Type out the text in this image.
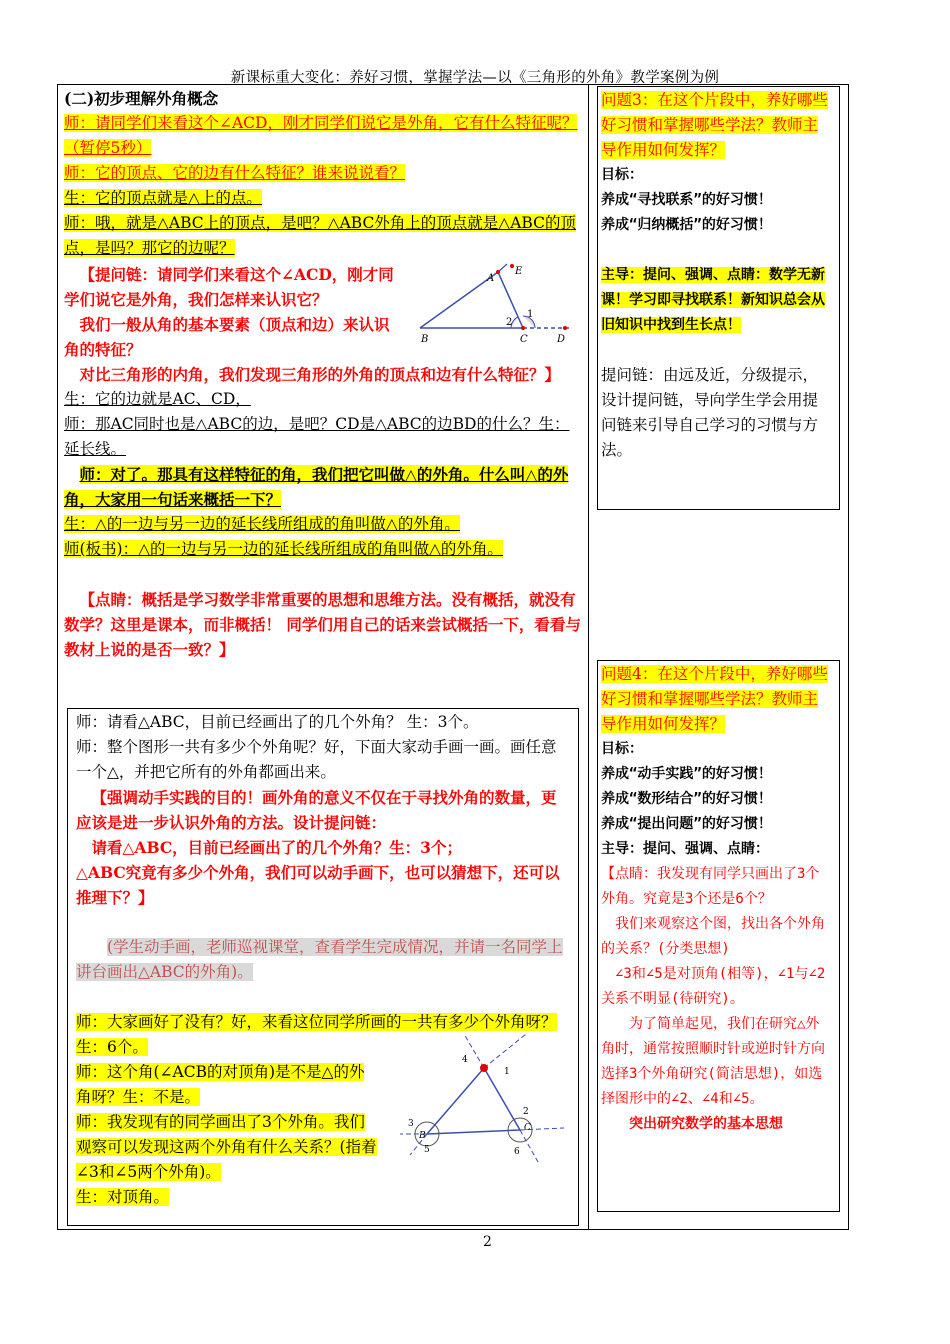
新课标重大变化：养好习惯，掌握学法—以《三角形的外角》教学案例为例

(二)初步理解外角概念

师：请同学们来看这个∠ACD，刚才同学们说它是外角，它有什么特征呢？（暂停5秒）

师：它的顶点、它的边有什么特征？谁来说说看？

生：它的顶点就是△上的点。

师：哦，就是△ABC上的顶点，是吧？△ABC外角上的顶点就是△ABC的顶点，是吗？那它的边呢？

【提问链：请同学们来看这个∠ACD，刚才同学们说它是外角，我们怎样来认识它？

我们一般从角的基本要素（顶点和边）来认识角的特征？

A
E
1
2
B	C	D

对比三角形的内角，我们发现三角形的外角的顶点和边有什么特征？】

生：它的边就是AC、CD，

师：那AC同时也是△ABC的边，是吧？CD是△ABC的边BD的什么？生：延长线。

师：对了。那具有这样特征的角，我们把它叫做△的外角。什么叫△的外角，大家用一句话来概括一下？

生：△的一边与另一边的延长线所组成的角叫做△的外角。

师(板书)：△的一边与另一边的延长线所组成的角叫做△的外角。

【点睛：概括是学习数学非常重要的思想和思维方法。没有概括，就没有数学？这里是课本，而非概括！ 同学们用自己的话来尝试概括一下，看看与教材上说的是否一致？】

师：请看△ABC，目前已经画出了的几个外角？ 生：3个。

师：整个图形一共有多少个外角呢？好，下面大家动手画一画。画任意一个△，并把它所有的外角都画出来。

【强调动手实践的目的！画外角的意义不仅在于寻找外角的数量，更应该是进一步认识外角的方法。设计提问链：

请看△ABC，目前已经画出了的几个外角？生：3个；

△ABC究竟有多少个外角，我们可以动手画下，也可以猜想下，还可以推理下？】

(学生动手画，老师巡视课堂，查看学生完成情况，并请一名同学上讲台画出△ABC的外角)。

师：大家画好了没有？好，来看这位同学所画的一共有多少个外角呀？生：6个。

师：这个角(∠ACB的对顶角)是不是△的外角呀？生：不是。

师：我发现有的同学画出了3个外角。我们观察可以发现这两个外角有什么关系？(指着∠3和∠5两个外角)。

生：对顶角。

4
1
3
B
5
2
C
6

问题3：在这个片段中，养好哪些好习惯和掌握哪些学法？教师主导作用如何发挥？

目标：

养成“寻找联系”的好习惯！

养成“归纳概括”的好习惯！

主导：提问、强调、点睛：数学无新课！学习即寻找联系！新知识总会从旧知识中找到生长点！

提问链：由远及近，分级提示，设计提问链，导向学生学会用提问链来引导自己学习的习惯与方法。

问题4：在这个片段中，养好哪些好习惯和掌握哪些学法？教师主导作用如何发挥？

目标：

养成“动手实践”的好习惯！

养成“数形结合”的好习惯！

养成“提出问题”的好习惯！

主导：提问、强调、点睛：

【点睛：我发现有同学只画出了3个外角。究竟是3个还是6个？

我们来观察这个图，找出各个外角的关系？(分类思想)

∠3和∠5是对顶角(相等)，∠1与∠2关系不明显(待研究)。

为了简单起见，我们在研究△外角时，通常按照顺时针或逆时针方向选择3个外角研究(简洁思想)，如选择图形中的∠2、∠4和∠5。

突出研究数学的基本思想

2
